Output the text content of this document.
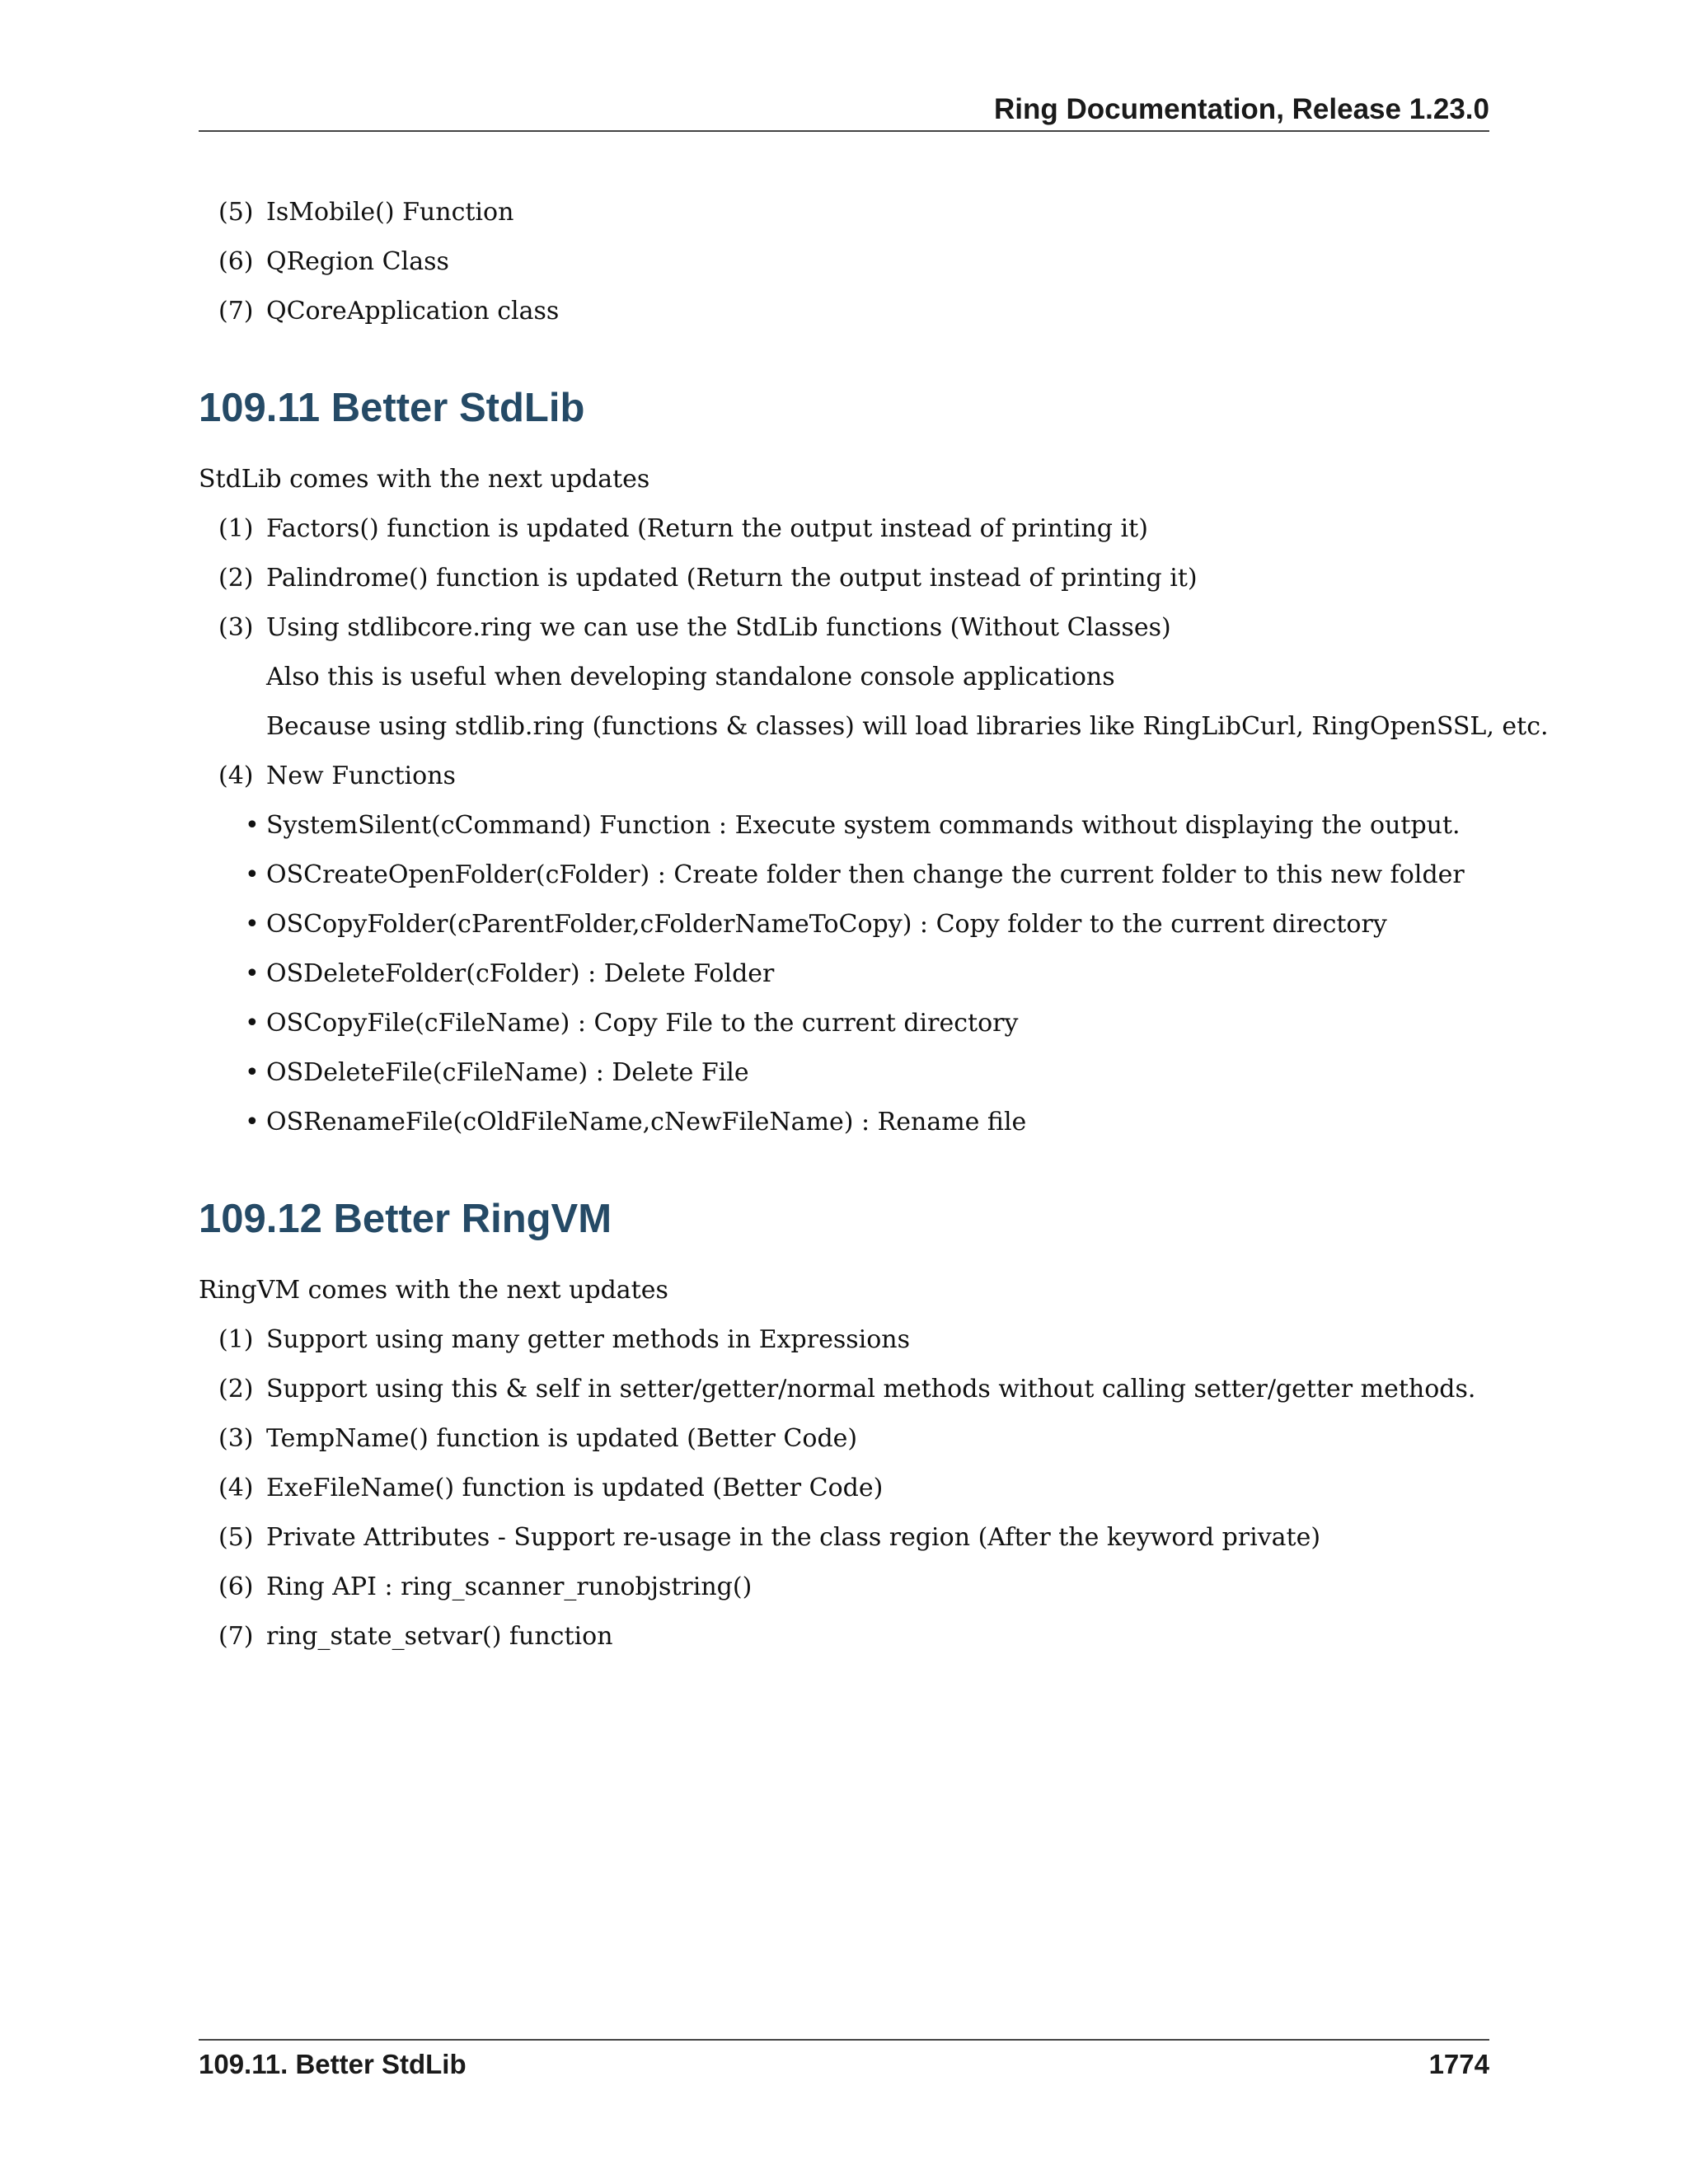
Ring Documentation, Release 1.23.0
(5) IsMobile() Function
(6) QRegion Class
(7) QCoreApplication class
109.11 Better StdLib
StdLib comes with the next updates
(1) Factors() function is updated (Return the output instead of printing it)
(2) Palindrome() function is updated (Return the output instead of printing it)
(3) Using stdlibcore.ring we can use the StdLib functions (Without Classes)
Also this is useful when developing standalone console applications
Because using stdlib.ring (functions & classes) will load libraries like RingLibCurl, RingOpenSSL, etc.
(4) New Functions
• SystemSilent(cCommand) Function : Execute system commands without displaying the output.
• OSCreateOpenFolder(cFolder) : Create folder then change the current folder to this new folder
• OSCopyFolder(cParentFolder,cFolderNameToCopy) : Copy folder to the current directory
• OSDeleteFolder(cFolder) : Delete Folder
• OSCopyFile(cFileName) : Copy File to the current directory
• OSDeleteFile(cFileName) : Delete File
• OSRenameFile(cOldFileName,cNewFileName) : Rename file
109.12 Better RingVM
RingVM comes with the next updates
(1) Support using many getter methods in Expressions
(2) Support using this & self in setter/getter/normal methods without calling setter/getter methods.
(3) TempName() function is updated (Better Code)
(4) ExeFileName() function is updated (Better Code)
(5) Private Attributes - Support re-usage in the class region (After the keyword private)
(6) Ring API : ring_scanner_runobjstring()
(7) ring_state_setvar() function
109.11. Better StdLib	1774
